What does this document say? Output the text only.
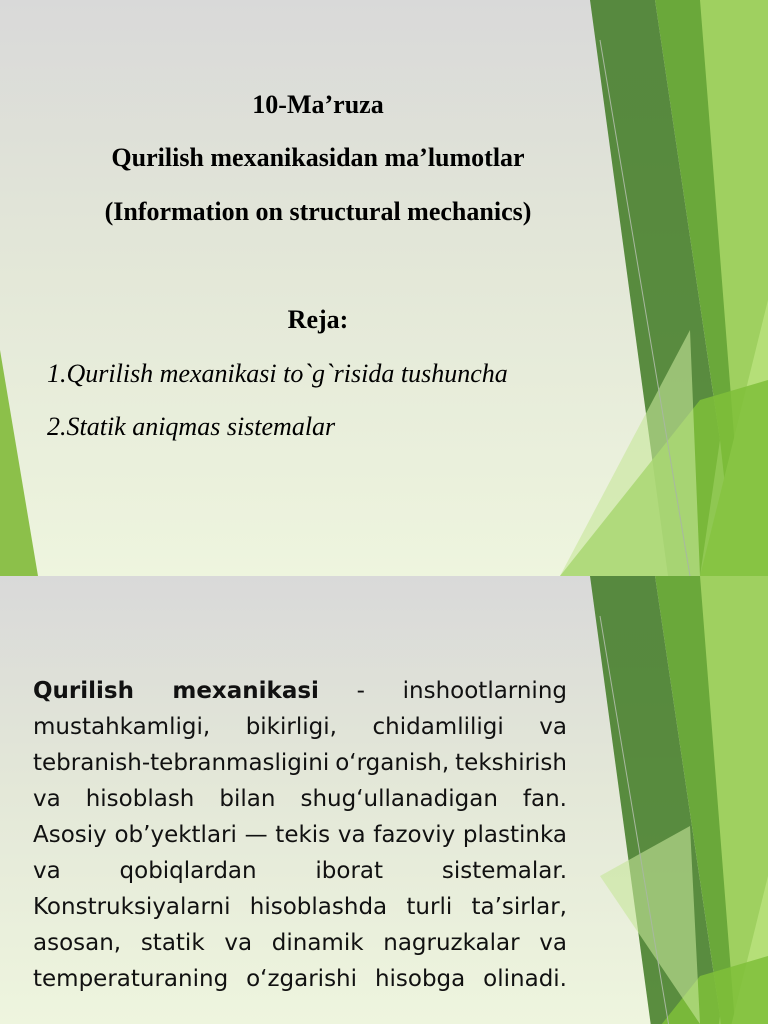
10-Ma’ruza

Qurilish mexanikasidan ma’lumotlar

(Information on structural mechanics)

Reja:

1.Qurilish mexanikasi to`g`risida tushuncha

2.Statik aniqmas sistemalar

Qurilish mexanikasi - inshootlarning mustahkamligi, bikirligi, chidamliligi va tebranish-tebranmasligini o‘rganish, tekshirish va hisoblash bilan shug‘ullanadigan fan. Asosiy ob’yektlari — tekis va fazoviy plastinka va qobiqlardan iborat sistemalar. Konstruksiyalarni hisoblashda turli ta’sirlar, asosan, statik va dinamik nagruzkalar va temperaturaning o‘zgarishi hisobga olinadi.
